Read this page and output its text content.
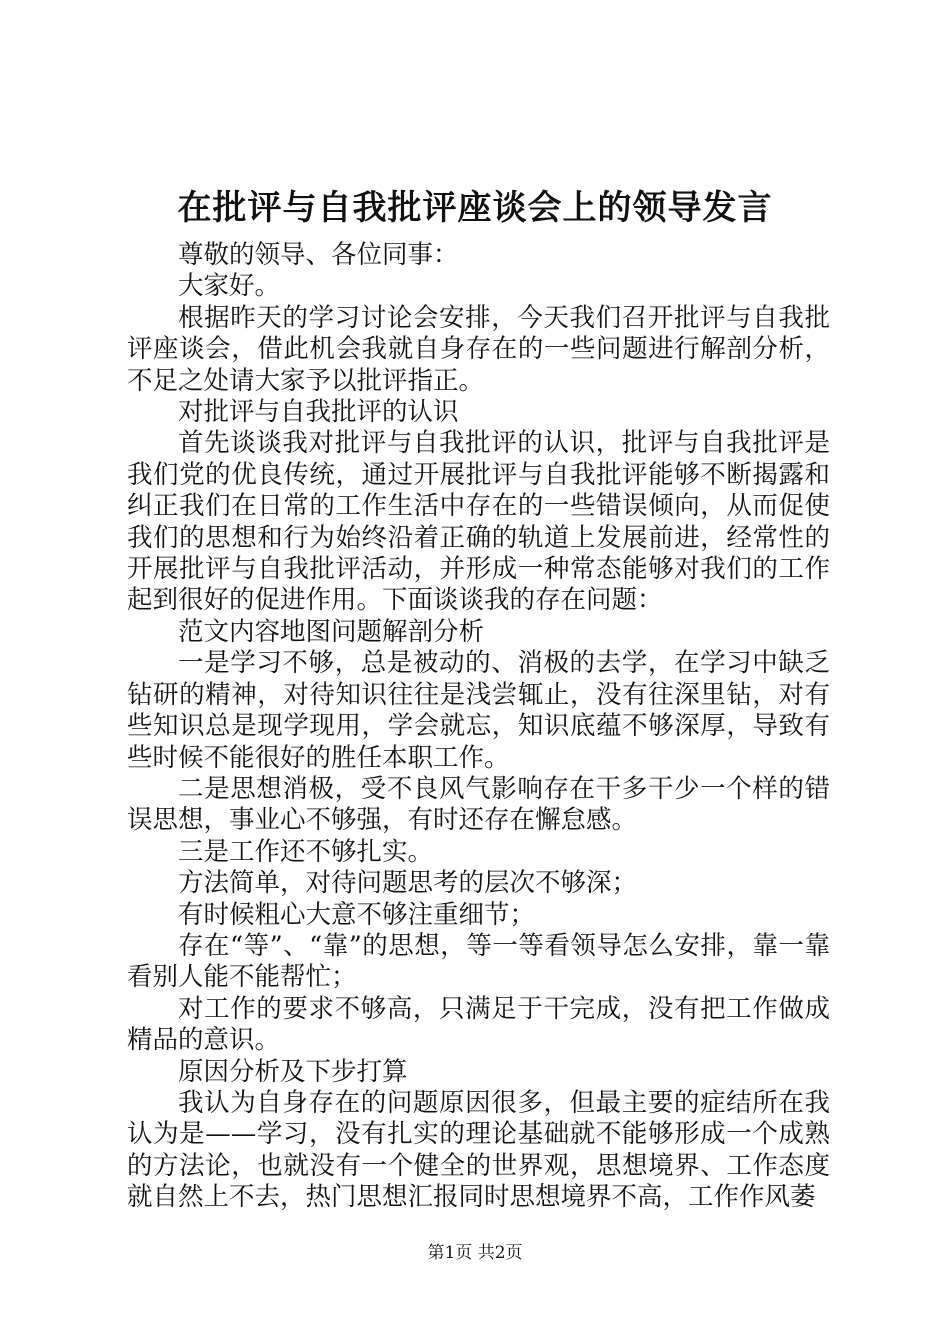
在批评与自我批评座谈会上的领导发言

尊敬的领导、各位同事：

大家好。

根据昨天的学习讨论会安排，今天我们召开批评与自我批评座谈会，借此机会我就自身存在的一些问题进行解剖分析，不足之处请大家予以批评指正。

对批评与自我批评的认识

首先谈谈我对批评与自我批评的认识，批评与自我批评是我们党的优良传统，通过开展批评与自我批评能够不断揭露和纠正我们在日常的工作生活中存在的一些错误倾向，从而促使我们的思想和行为始终沿着正确的轨道上发展前进，经常性的开展批评与自我批评活动，并形成一种常态能够对我们的工作起到很好的促进作用。下面谈谈我的存在问题：

范文内容地图问题解剖分析

一是学习不够，总是被动的、消极的去学，在学习中缺乏钻研的精神，对待知识往往是浅尝辄止，没有往深里钻，对有些知识总是现学现用，学会就忘，知识底蕴不够深厚，导致有些时候不能很好的胜任本职工作。

二是思想消极，受不良风气影响存在干多干少一个样的错误思想，事业心不够强，有时还存在懈怠感。

三是工作还不够扎实。

方法简单，对待问题思考的层次不够深；

有时候粗心大意不够注重细节；

存在“等”、“靠”的思想，等一等看领导怎么安排，靠一靠看别人能不能帮忙；

对工作的要求不够高，只满足于干完成，没有把工作做成精品的意识。

原因分析及下步打算

我认为自身存在的问题原因很多，但最主要的症结所在我认为是——学习，没有扎实的理论基础就不能够形成一个成熟的方法论，也就没有一个健全的世界观，思想境界、工作态度就自然上不去，热门思想汇报同时思想境界不高，工作作风萎

第1页 共2页
